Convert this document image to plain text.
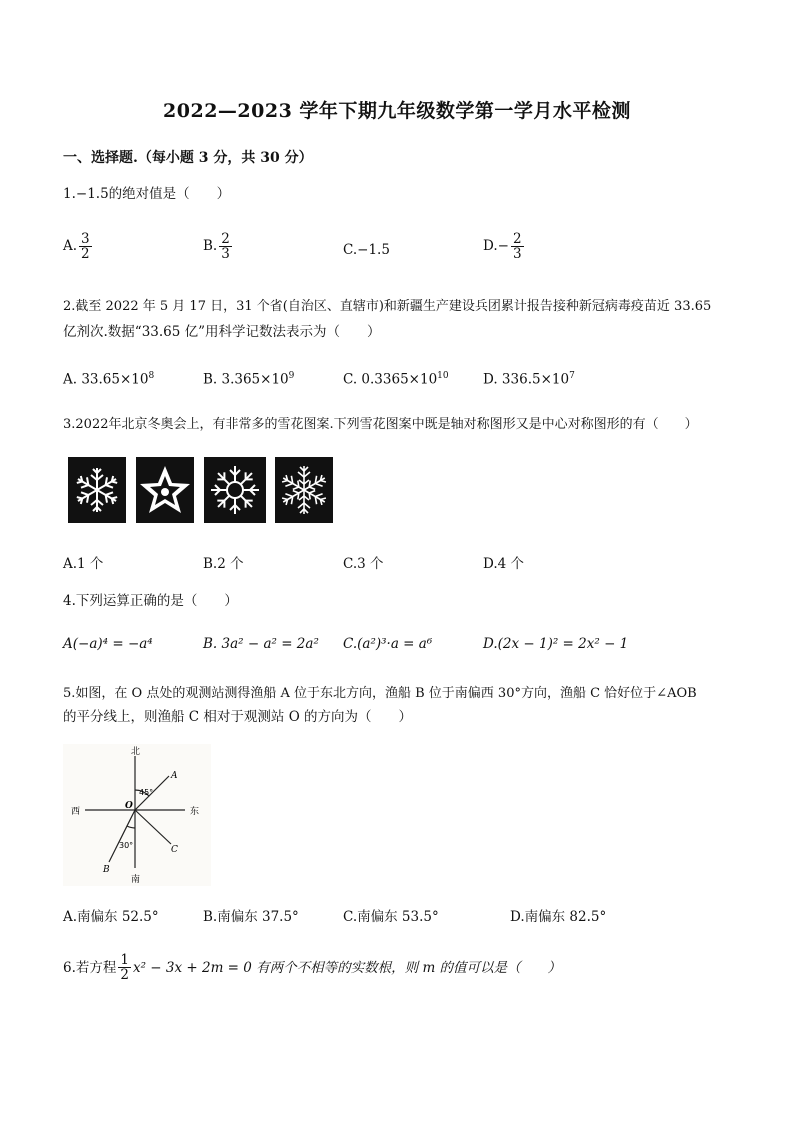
2022—2023 学年下期九年级数学第一学月水平检测
一、选择题.（每小题 3 分，共 30 分）
1.−1.5的绝对值是（　　）
A. $\frac{3}{2}$	B. $\frac{2}{3}$	C.−1.5	$D.- \frac{2}{3}$
2.截至 2022 年 5 月 17 日，31 个省(自治区、直辖市)和新疆生产建设兵团累计报告接种新冠病毒疫苗近 33.65
亿剂次.数据“33.65 亿”用科学记数法表示为（　　）
A. $33.65\times 10^8$	B. $3.365\times 10^9$	C. $0.3365\times 10^{10}$	D. $336.5\times 10^7$
3.2022年北京冬奥会上，有非常多的雪花图案.下列雪花图案中既是轴对称图形又是中心对称图形的有（　　）
A.1 个	B.2 个	C.3 个	D.4 个
4.下列运算正确的是（　　）
A(−a)⁴ = −a⁴	B. 3a² − a² = 2a² C.(a²)³·a = a⁶	D.(2x − 1)² = 2x² − 1
5.如图，在 O 点处的观测站测得渔船 A 位于东北方向，渔船 B 位于南偏西 30°方向，渔船 C 恰好位于∠AOB
的平分线上，则渔船 C 相对于观测站 O 的方向为（　　）
北
南
东
西
O
A
B
C
45°
30°
A.南偏东 52.5°	B.南偏东 37.5°	C.南偏东 53.5°	D.南偏东 82.5°
6.若方程 $\frac{1}{2} x^2 - 3x + 2m = 0$ 有两个不相等的实数根，则 m 的值可以是（　　）
